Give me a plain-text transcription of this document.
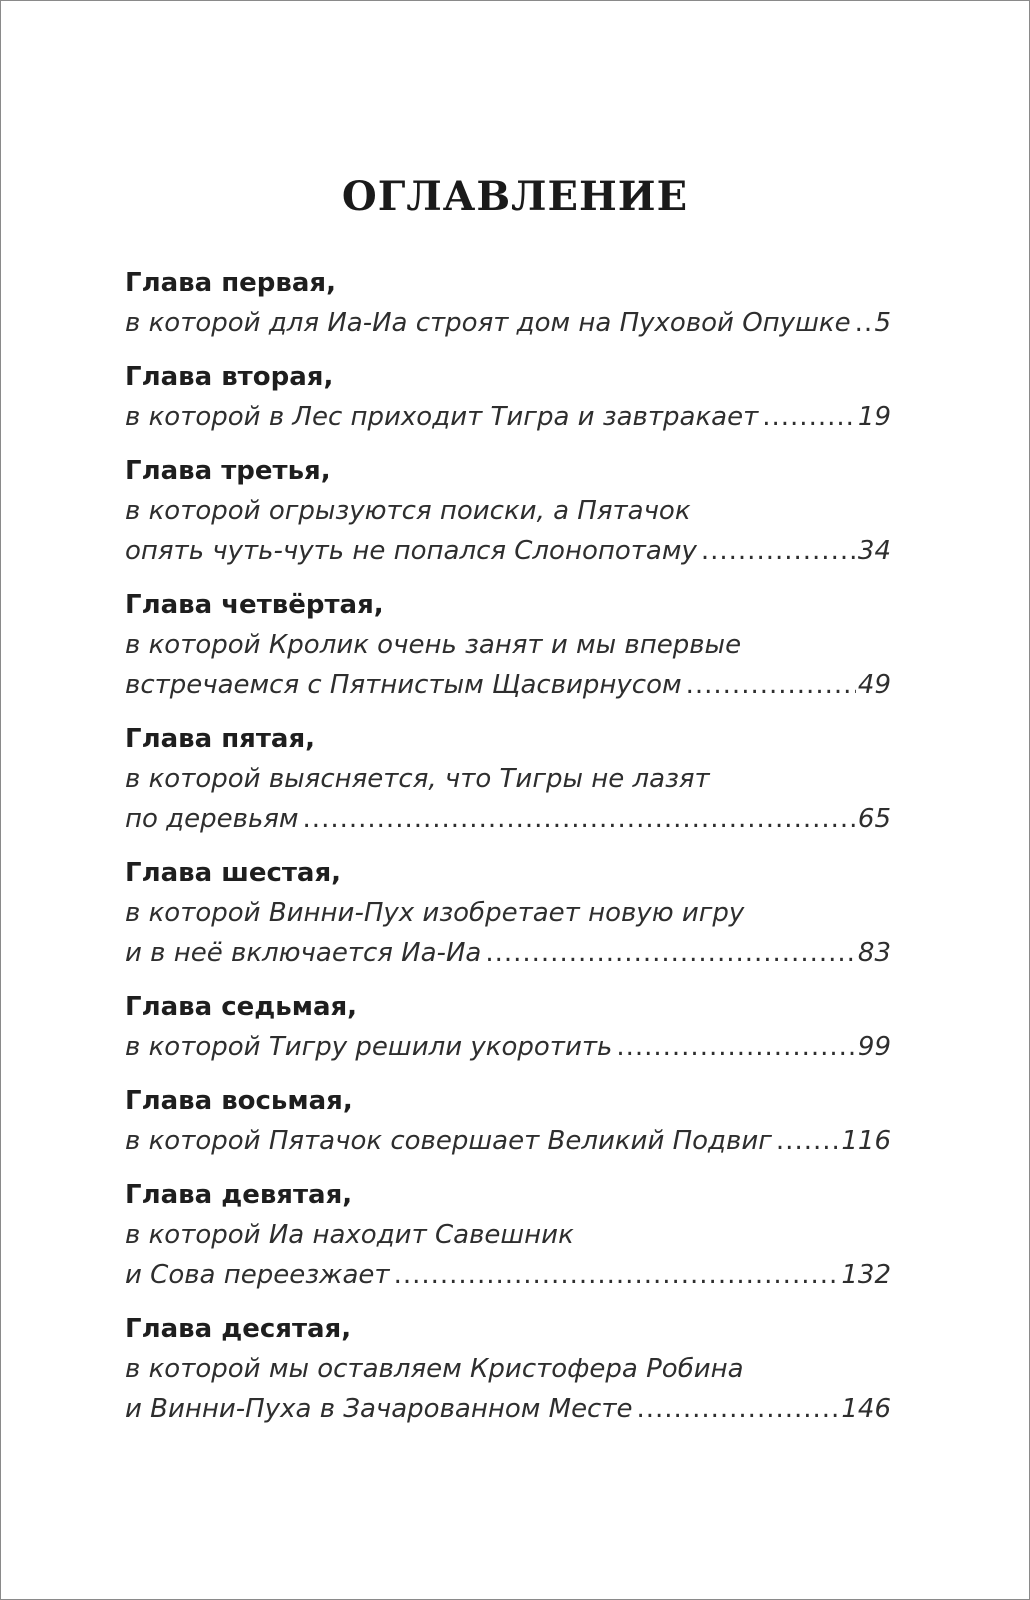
ОГЛАВЛЕНИЕ
Глава первая,
в которой для Иа-Иа строят дом на Пуховой Опушке ..... 5
Глава вторая,
в которой в Лес приходит Тигра и завтракает .....	19
Глава третья,
в которой огрызуются поиски, а Пятачок
опять чуть-чуть не попался Слонопотаму .....	34
Глава четвёртая,
в которой Кролик очень занят и мы впервые
встречаемся с Пятнистым Щасвирнусом .....	49
Глава пятая,
в которой выясняется, что Тигры не лазят
по деревьям .....	65
Глава шестая,
в которой Винни-Пух изобретает новую игру
и в неё включается Иа-Иа .....	83
Глава седьмая,
в которой Тигру решили укоротить .....	99
Глава восьмая,
в которой Пятачок совершает Великий Подвиг .....	116
Глава девятая,
в которой Иа находит Савешник
и Сова переезжает .....	132
Глава десятая,
в которой мы оставляем Кристофера Робина
и Винни-Пуха в Зачарованном Месте .....	146
